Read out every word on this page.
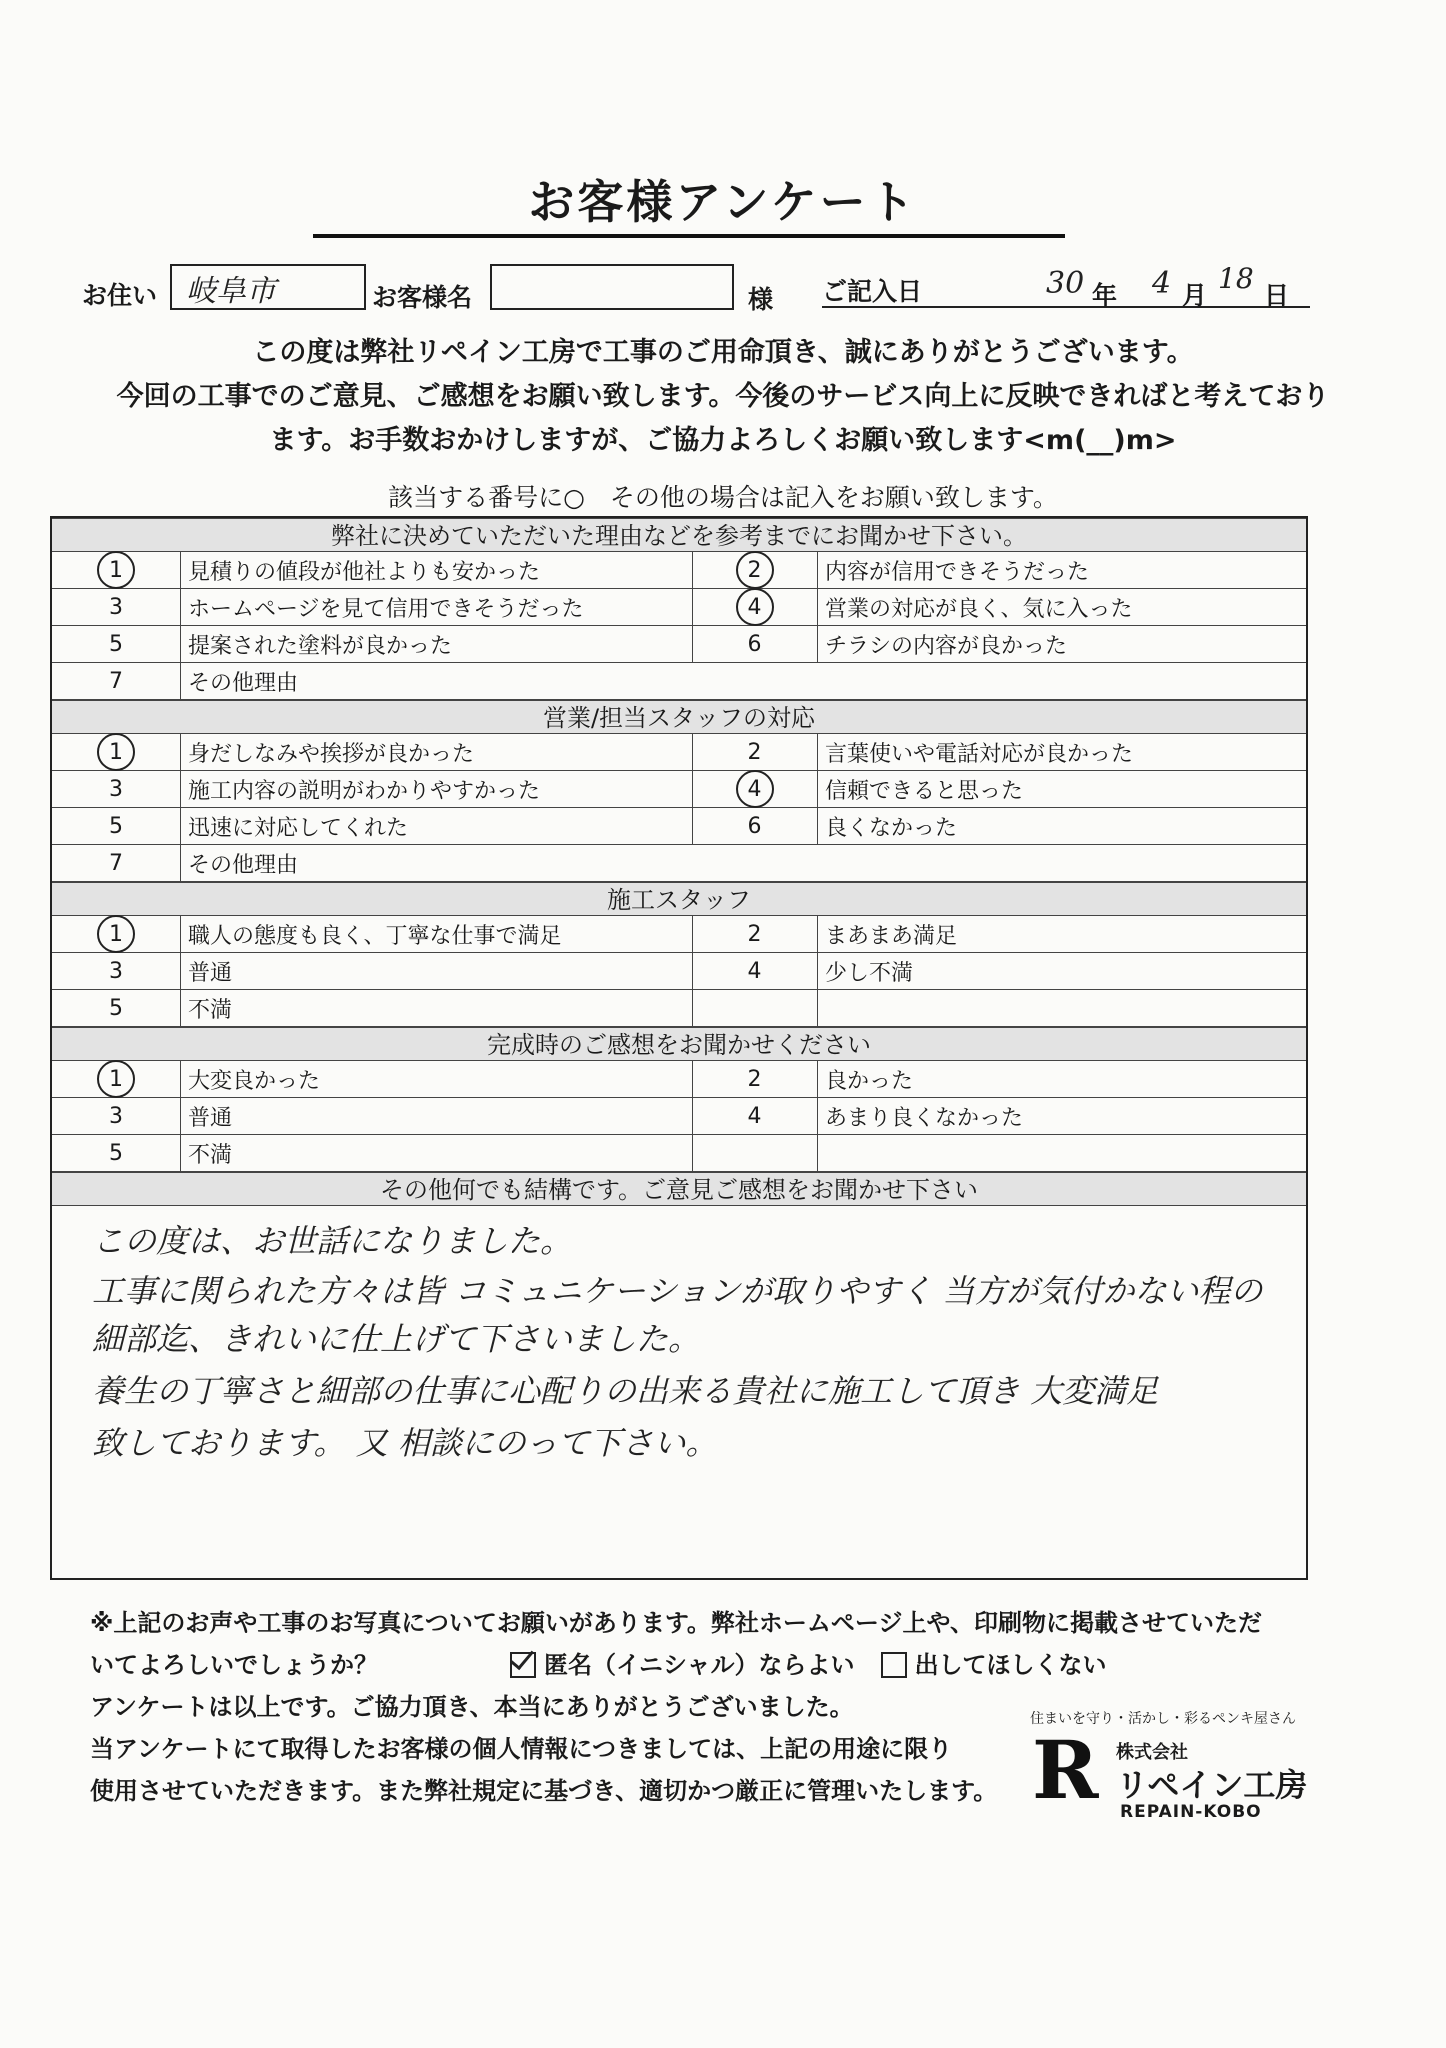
お客様アンケート
お住い 岐阜市	お客様名	様 ご記入日	30 年 4 月
18
日
この度は弊社リペイン工房で工事のご用命頂き、誠にありがとうございます。
今回の工事でのご意見、ご感想をお願い致します。今後のサービス向上に反映できればと考えており
ます。お手数おかけしますが、ご協力よろしくお願い致します<m(__)m>
該当する番号に○　その他の場合は記入をお願い致します。
弊社に決めていただいた理由などを参考までにお聞かせ下さい。
1	見積りの値段が他社よりも安かった	2	内容が信用できそうだった
3	ホームページを見て信用できそうだった	4	営業の対応が良く、気に入った
5	提案された塗料が良かった	6	チラシの内容が良かった
7	その他理由
営業/担当スタッフの対応
1	身だしなみや挨拶が良かった	2	言葉使いや電話対応が良かった
3	施工内容の説明がわかりやすかった	4	信頼できると思った
5	迅速に対応してくれた	6	良くなかった
7	その他理由
施工スタッフ
1	職人の態度も良く、丁寧な仕事で満足	2	まあまあ満足
3	普通	4	少し不満
5	不満
完成時のご感想をお聞かせください
1	大変良かった	2	良かった
3	普通	4	あまり良くなかった
5	不満
その他何でも結構です。ご意見ご感想をお聞かせ下さい
この度は、お世話になりました。
工事に関られた方々は皆 コミュニケーションが取りやすく 当方が気付かない程の
細部迄、きれいに仕上げて下さいました。
養生の丁寧さと細部の仕事に心配りの出来る貴社に施工して頂き 大変満足
致しております。 又 相談にのって下さい。
※上記のお声や工事のお写真についてお願いがあります。弊社ホームページ上や、印刷物に掲載させていただ
いてよろしいでしょうか？	匿名（イニシャル）ならよい	出してほしくない
アンケートは以上です。ご協力頂き、本当にありがとうございました。
当アンケートにて取得したお客様の個人情報につきましては、上記の用途に限り
使用させていただきます。また弊社規定に基づき、適切かつ厳正に管理いたします。
住まいを守り・活かし・彩るペンキ屋さん
R 株式会社
リペイン工房
REPAIN-KOBO
